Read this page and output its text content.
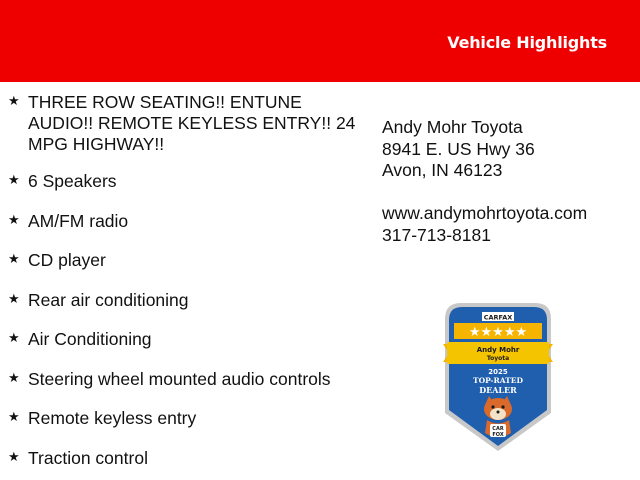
Vehicle Highlights
★ THREE ROW SEATING!! ENTUNE AUDIO!! REMOTE KEYLESS ENTRY!! 24 MPG HIGHWAY!!
★ 6 Speakers
★ AM/FM radio
★ CD player
★ Rear air conditioning
★ Air Conditioning
★ Steering wheel mounted audio controls
★ Remote keyless entry
★ Traction control
Andy Mohr Toyota
8941 E. US Hwy 36
Avon, IN 46123
www.andymohrtoyota.com
317-713-8181
CARFAX
★★★★★
Andy Mohr
Toyota
2025
TOP-RATED
DEALER
CAR
FOX
